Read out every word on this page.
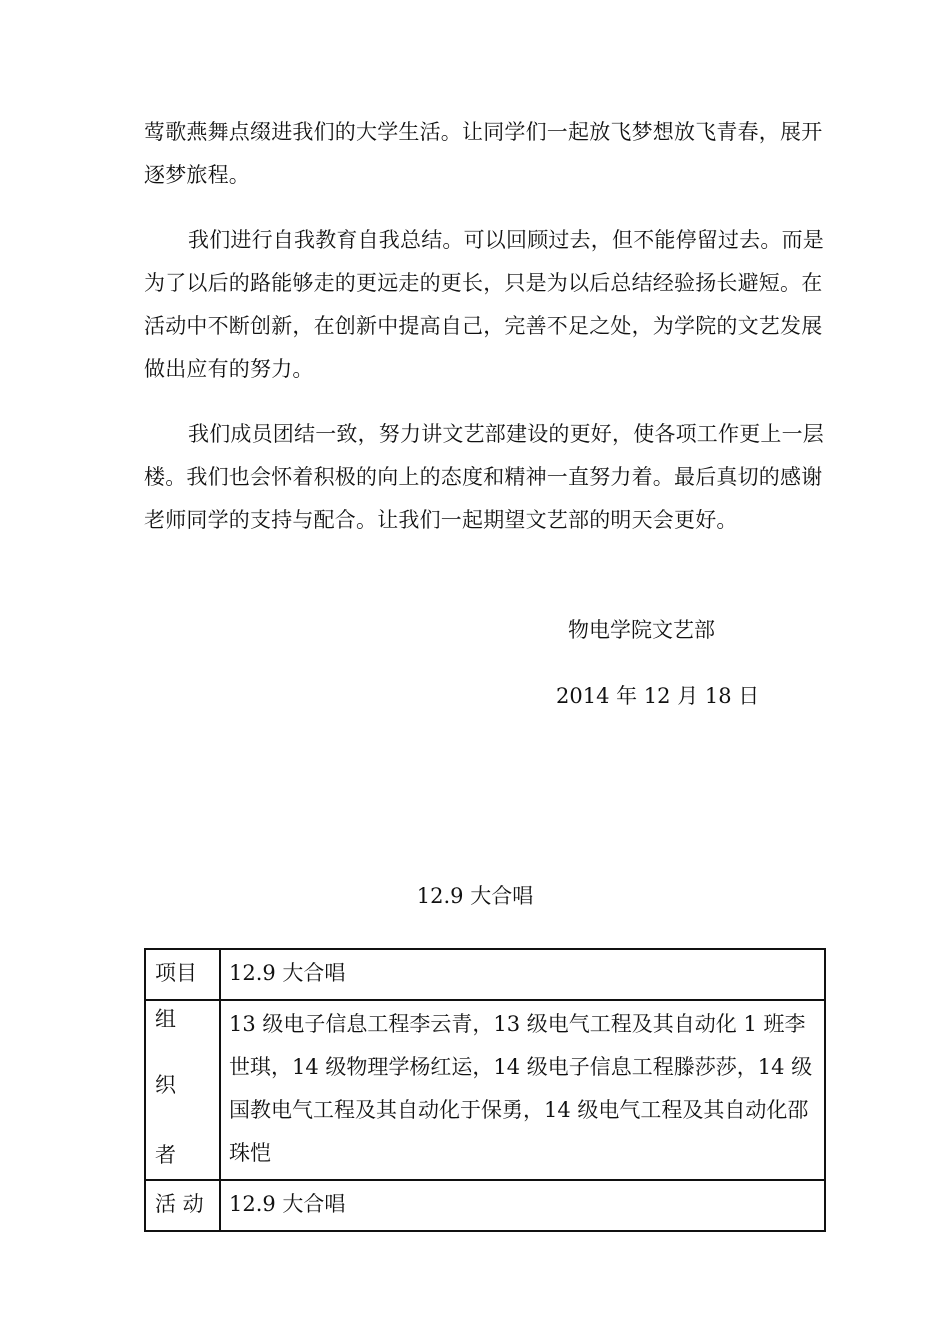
莺歌燕舞点缀进我们的大学生活。让同学们一起放飞梦想放飞青春，展开逐梦旅程。

我们进行自我教育自我总结。可以回顾过去，但不能停留过去。而是为了以后的路能够走的更远走的更长，只是为以后总结经验扬长避短。在活动中不断创新，在创新中提高自己，完善不足之处，为学院的文艺发展做出应有的努力。

我们成员团结一致，努力讲文艺部建设的更好，使各项工作更上一层楼。我们也会怀着积极的向上的态度和精神一直努力着。最后真切的感谢老师同学的支持与配合。让我们一起期望文艺部的明天会更好。

物电学院文艺部
2014 年 12 月 18 日
12.9 大合唱
项目	12.9 大合唱

组
织
者	13 级电子信息工程李云青，13 级电气工程及其自动化 1 班李世琪，14 级物理学杨红运，14 级电子信息工程滕莎莎，14 级国教电气工程及其自动化于保勇，14 级电气工程及其自动化邵珠恺
活 动	12.9 大合唱
